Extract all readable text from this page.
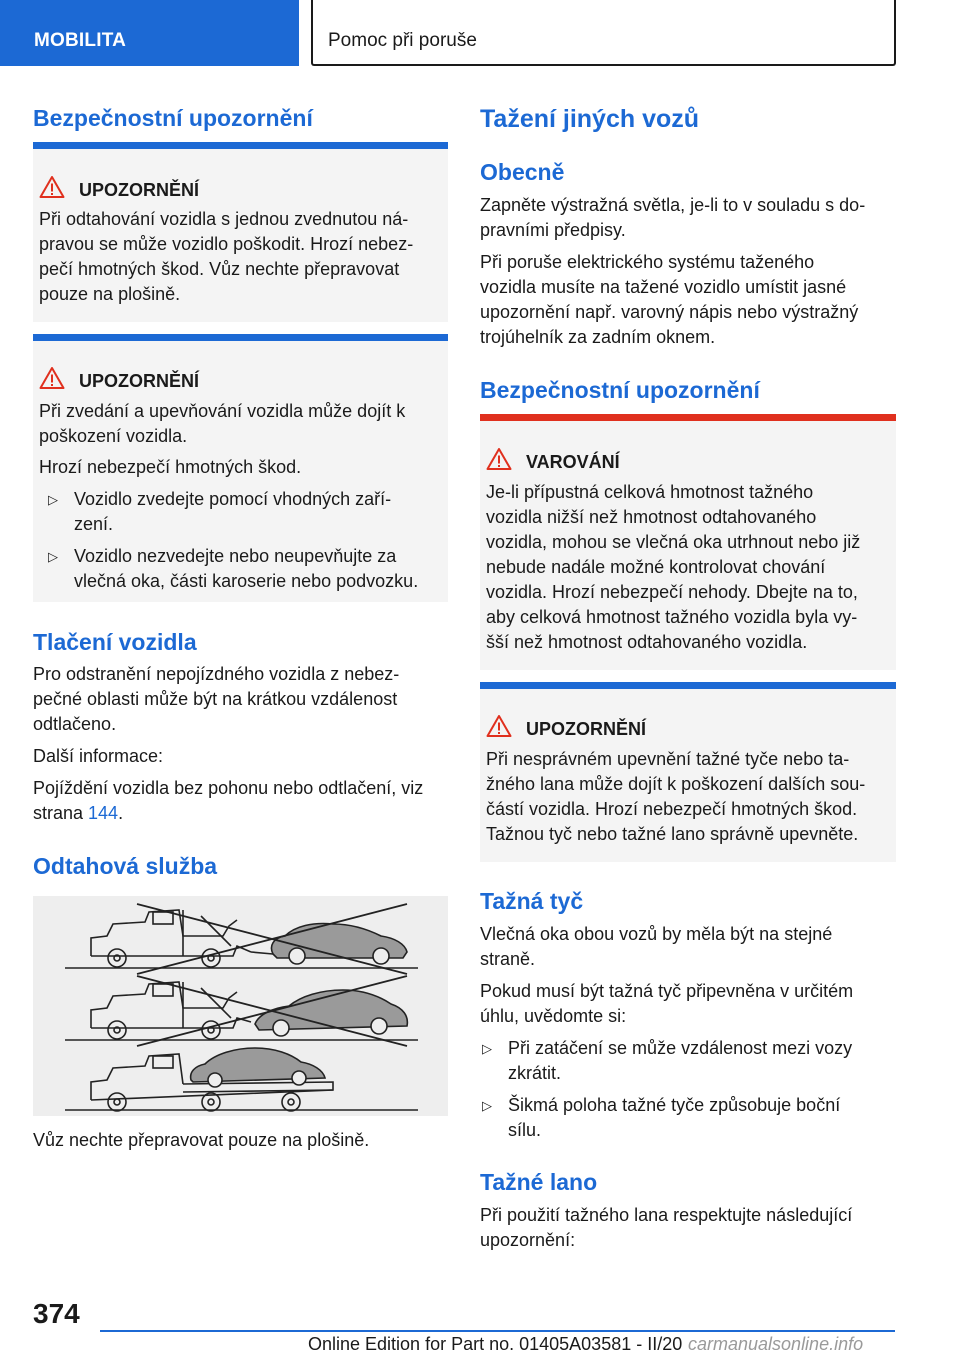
MOBILITA	Pomoc při poruše
Bezpečnostní upozornění
UPOZORNĚNÍ
Při odtahování vozidla s jednou zvednutou ná-
pravou se může vozidlo poškodit. Hrozí nebez-
pečí hmotných škod. Vůz nechte přepravovat
pouze na plošině.
UPOZORNĚNÍ
Při zvedání a upevňování vozidla může dojít k
poškození vozidla.
Hrozí nebezpečí hmotných škod.
▷ Vozidlo zvedejte pomocí vhodných zaří-
zení.
▷ Vozidlo nezvedejte nebo neupevňujte za
vlečná oka, části karoserie nebo podvozku.
Tlačení vozidla
Pro odstranění nepojízdného vozidla z nebez-
pečné oblasti může být na krátkou vzdálenost
odtlačeno.
Další informace:
Pojíždění vozidla bez pohonu nebo odtlačení, viz
strana 144.
Odtahová služba
Vůz nechte přepravovat pouze na plošině.
Tažení jiných vozů
Obecně
Zapněte výstražná světla, je-li to v souladu s do-
pravními předpisy.
Při poruše elektrického systému taženého
vozidla musíte na tažené vozidlo umístit jasné
upozornění např. varovný nápis nebo výstražný
trojúhelník za zadním oknem.
Bezpečnostní upozornění
VAROVÁNÍ
Je-li přípustná celková hmotnost tažného
vozidla nižší než hmotnost odtahovaného
vozidla, mohou se vlečná oka utrhnout nebo již
nebude nadále možné kontrolovat chování
vozidla. Hrozí nebezpečí nehody. Dbejte na to,
aby celková hmotnost tažného vozidla byla vy-
šší než hmotnost odtahovaného vozidla.
UPOZORNĚNÍ
Při nesprávném upevnění tažné tyče nebo ta-
žného lana může dojít k poškození dalších sou-
částí vozidla. Hrozí nebezpečí hmotných škod.
Tažnou tyč nebo tažné lano správně upevněte.
Tažná tyč
Vlečná oka obou vozů by měla být na stejné
straně.
Pokud musí být tažná tyč připevněna v určitém
úhlu, uvědomte si:
▷ Při zatáčení se může vzdálenost mezi vozy
zkrátit.
▷ Šikmá poloha tažné tyče způsobuje boční
sílu.
Tažné lano
Při použití tažného lana respektujte následující
upozornění:
374
Online Edition for Part no. 01405A03581 - II/20 carmanualsonline.info
